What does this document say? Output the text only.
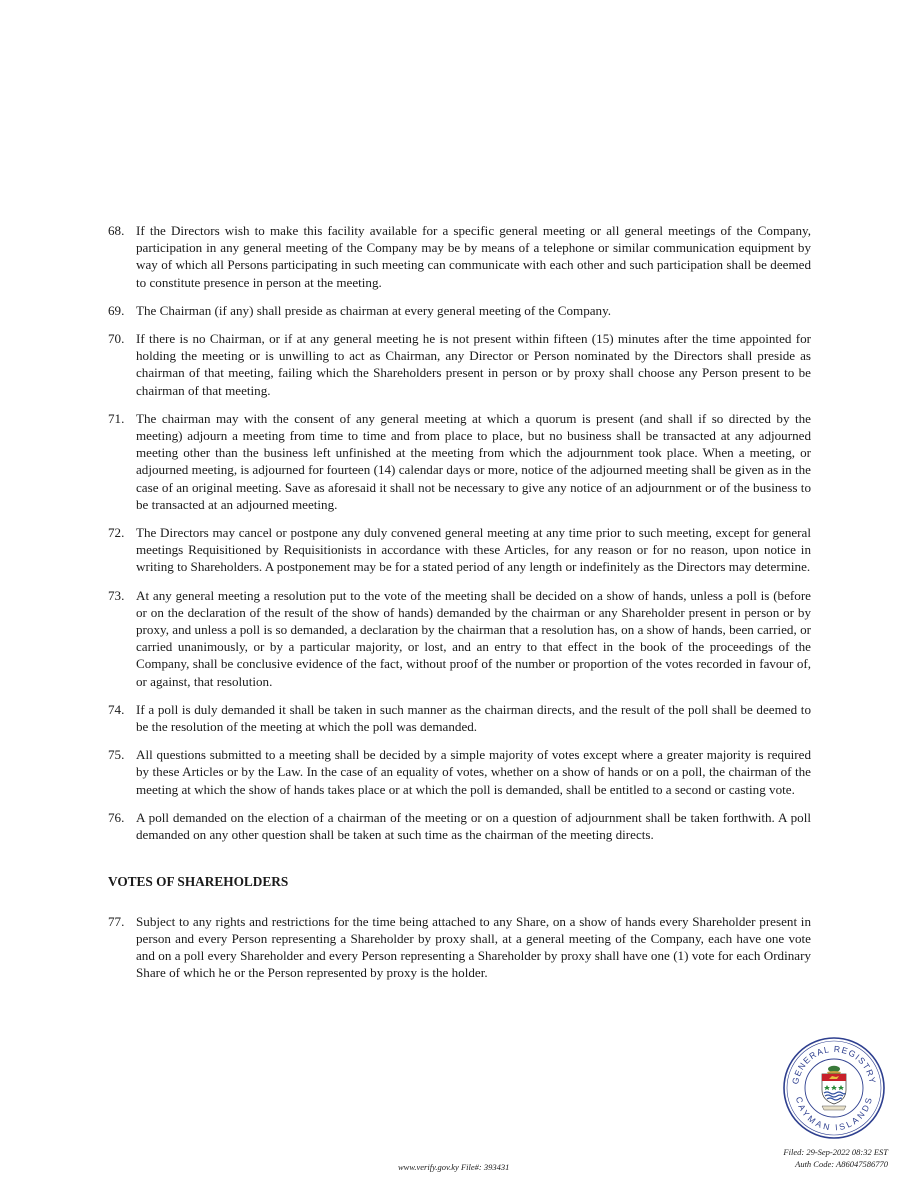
68. If the Directors wish to make this facility available for a specific general meeting or all general meetings of the Company, participation in any general meeting of the Company may be by means of a telephone or similar communication equipment by way of which all Persons participating in such meeting can communicate with each other and such participation shall be deemed to constitute presence in person at the meeting.
69. The Chairman (if any) shall preside as chairman at every general meeting of the Company.
70. If there is no Chairman, or if at any general meeting he is not present within fifteen (15) minutes after the time appointed for holding the meeting or is unwilling to act as Chairman, any Director or Person nominated by the Directors shall preside as chairman of that meeting, failing which the Shareholders present in person or by proxy shall choose any Person present to be chairman of that meeting.
71. The chairman may with the consent of any general meeting at which a quorum is present (and shall if so directed by the meeting) adjourn a meeting from time to time and from place to place, but no business shall be transacted at any adjourned meeting other than the business left unfinished at the meeting from which the adjournment took place. When a meeting, or adjourned meeting, is adjourned for fourteen (14) calendar days or more, notice of the adjourned meeting shall be given as in the case of an original meeting. Save as aforesaid it shall not be necessary to give any notice of an adjournment or of the business to be transacted at an adjourned meeting.
72. The Directors may cancel or postpone any duly convened general meeting at any time prior to such meeting, except for general meetings Requisitioned by Requisitionists in accordance with these Articles, for any reason or for no reason, upon notice in writing to Shareholders. A postponement may be for a stated period of any length or indefinitely as the Directors may determine.
73. At any general meeting a resolution put to the vote of the meeting shall be decided on a show of hands, unless a poll is (before or on the declaration of the result of the show of hands) demanded by the chairman or any Shareholder present in person or by proxy, and unless a poll is so demanded, a declaration by the chairman that a resolution has, on a show of hands, been carried, or carried unanimously, or by a particular majority, or lost, and an entry to that effect in the book of the proceedings of the Company, shall be conclusive evidence of the fact, without proof of the number or proportion of the votes recorded in favour of, or against, that resolution.
74. If a poll is duly demanded it shall be taken in such manner as the chairman directs, and the result of the poll shall be deemed to be the resolution of the meeting at which the poll was demanded.
75. All questions submitted to a meeting shall be decided by a simple majority of votes except where a greater majority is required by these Articles or by the Law. In the case of an equality of votes, whether on a show of hands or on a poll, the chairman of the meeting at which the show of hands takes place or at which the poll is demanded, shall be entitled to a second or casting vote.
76. A poll demanded on the election of a chairman of the meeting or on a question of adjournment shall be taken forthwith. A poll demanded on any other question shall be taken at such time as the chairman of the meeting directs.
VOTES OF SHAREHOLDERS
77. Subject to any rights and restrictions for the time being attached to any Share, on a show of hands every Shareholder present in person and every Person representing a Shareholder by proxy shall, at a general meeting of the Company, each have one vote and on a poll every Shareholder and every Person representing a Shareholder by proxy shall have one (1) vote for each Ordinary Share of which he or the Person represented by proxy is the holder.
GENERAL REGISTRY
CAYMAN ISLANDS
www.verify.gov.ky File#: 393431
Filed: 29-Sep-2022 08:32 EST
Auth Code: A86047586770
